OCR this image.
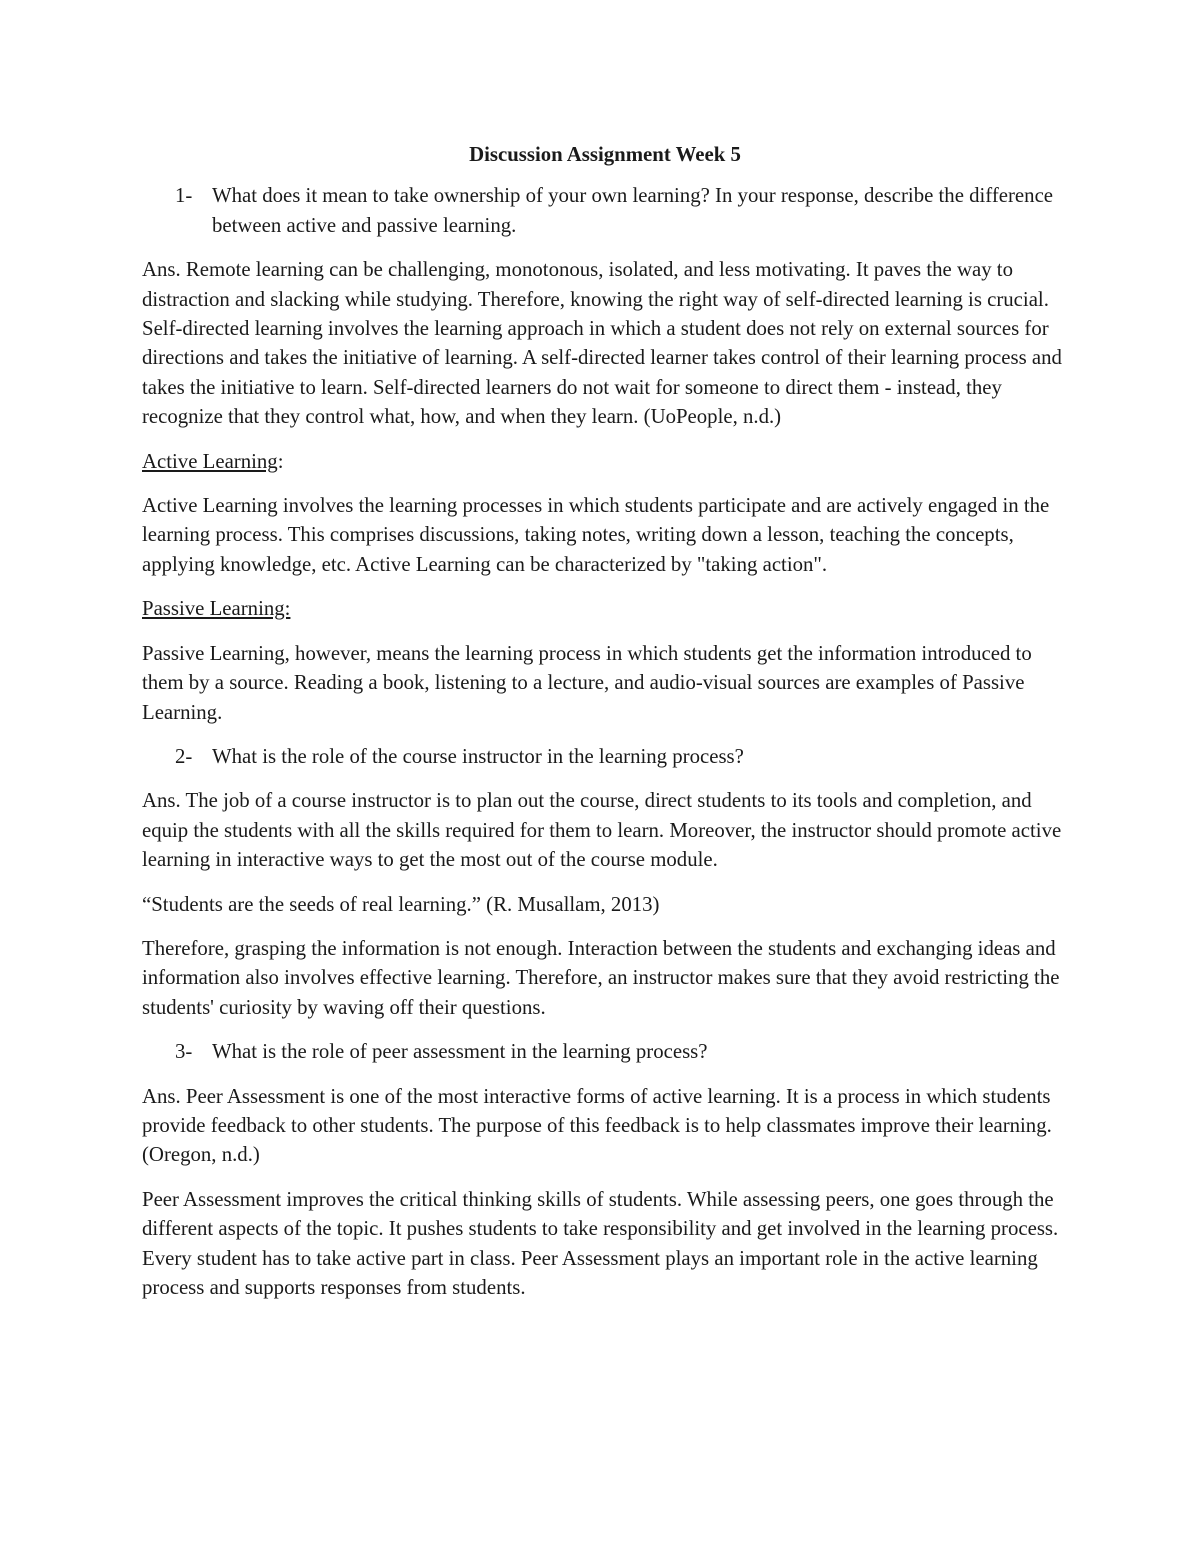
Discussion Assignment Week 5
1- What does it mean to take ownership of your own learning? In your response, describe the difference between active and passive learning.

Ans. Remote learning can be challenging, monotonous, isolated, and less motivating. It paves the way to distraction and slacking while studying. Therefore, knowing the right way of self-directed learning is crucial. Self-directed learning involves the learning approach in which a student does not rely on external sources for directions and takes the initiative of learning. A self-directed learner takes control of their learning process and takes the initiative to learn. Self-directed learners do not wait for someone to direct them - instead, they recognize that they control what, how, and when they learn. (UoPeople, n.d.)

Active Learning:

Active Learning involves the learning processes in which students participate and are actively engaged in the learning process. This comprises discussions, taking notes, writing down a lesson, teaching the concepts, applying knowledge, etc. Active Learning can be characterized by "taking action".

Passive Learning:

Passive Learning, however, means the learning process in which students get the information introduced to them by a source. Reading a book, listening to a lecture, and audio-visual sources are examples of Passive Learning.

2- What is the role of the course instructor in the learning process?

Ans. The job of a course instructor is to plan out the course, direct students to its tools and completion, and equip the students with all the skills required for them to learn. Moreover, the instructor should promote active learning in interactive ways to get the most out of the course module.

“Students are the seeds of real learning.” (R. Musallam, 2013)

Therefore, grasping the information is not enough. Interaction between the students and exchanging ideas and information also involves effective learning. Therefore, an instructor makes sure that they avoid restricting the students' curiosity by waving off their questions.

3- What is the role of peer assessment in the learning process?

Ans. Peer Assessment is one of the most interactive forms of active learning. It is a process in which students provide feedback to other students. The purpose of this feedback is to help classmates improve their learning. (Oregon, n.d.)

Peer Assessment improves the critical thinking skills of students. While assessing peers, one goes through the different aspects of the topic. It pushes students to take responsibility and get involved in the learning process. Every student has to take active part in class. Peer Assessment plays an important role in the active learning process and supports responses from students.
